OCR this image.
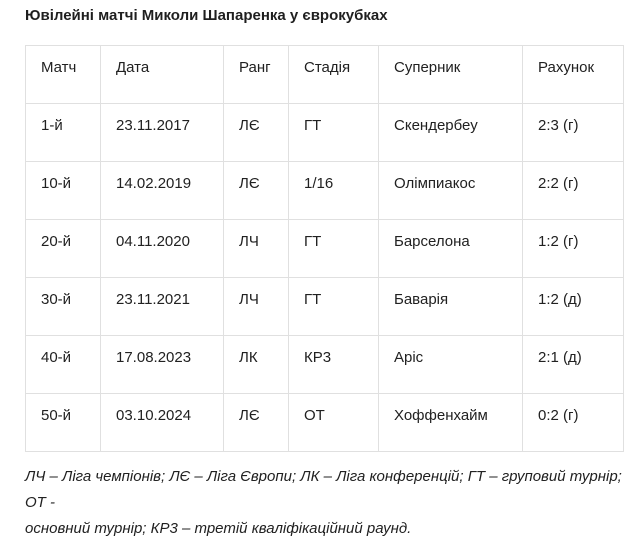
Ювілейні матчі Миколи Шапаренка у єврокубках
Матч	Дата	Ранг	Стадія	Суперник	Рахунок
1-й	23.11.2017	ЛЄ	ГТ	Скендербеу	2:3 (г)
10-й	14.02.2019	ЛЄ	1/16	Олімпиакос	2:2 (г)
20-й	04.11.2020	ЛЧ	ГТ	Барселона	1:2 (г)
30-й	23.11.2021	ЛЧ	ГТ	Баварія	1:2 (д)
40-й	17.08.2023	ЛК	КР3	Аріс	2:1 (д)
50-й	03.10.2024	ЛЄ	ОТ	Хоффенхайм	0:2 (г)
ЛЧ – Ліга чемпіонів; ЛЄ – Ліга Європи; ЛК – Ліга конференцій; ГТ – груповий турнір; ОТ -
основний турнір; КР3 – третій кваліфікаційний раунд.
